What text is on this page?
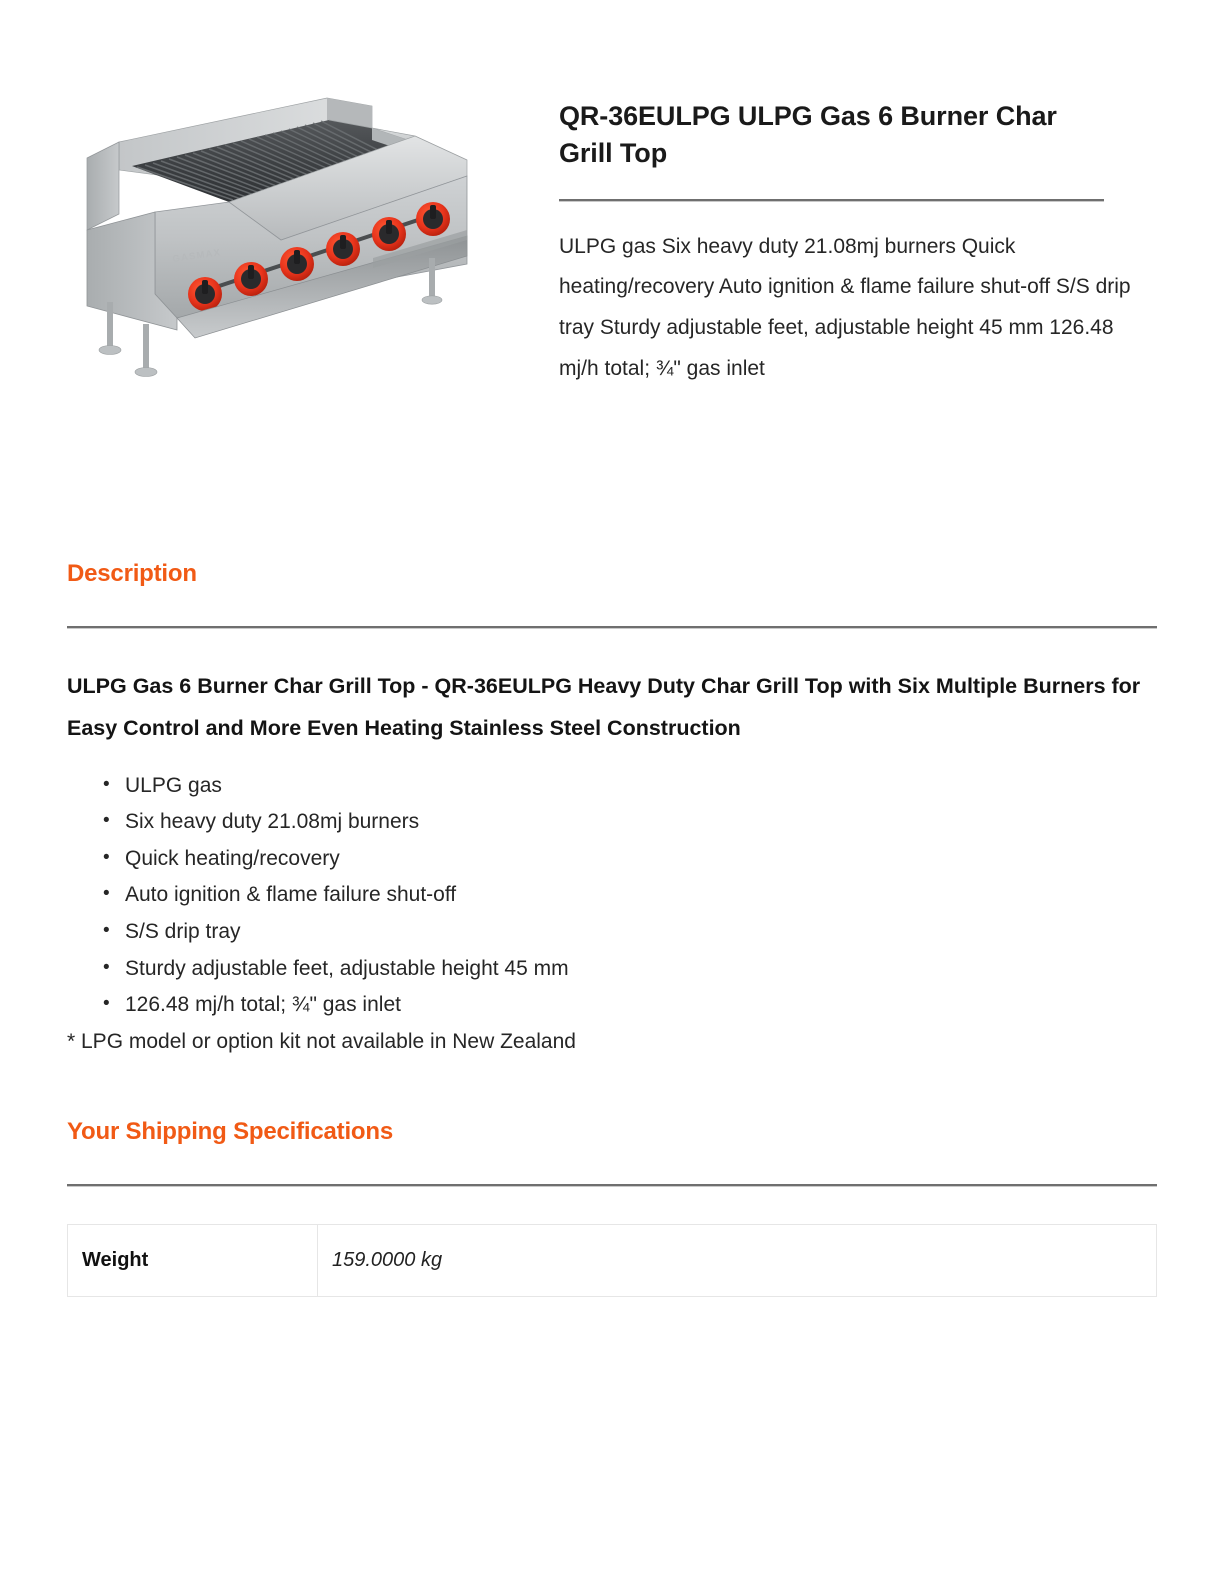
GASMAX
QR-36EULPG ULPG Gas 6 Burner Char Grill Top

ULPG gas Six heavy duty 21.08mj burners Quick heating/recovery Auto ignition & flame failure shut-off S/S drip tray Sturdy adjustable feet, adjustable height 45 mm 126.48 mj/h total; ¾" gas inlet

Description

ULPG Gas 6 Burner Char Grill Top - QR-36EULPG Heavy Duty Char Grill Top with Six Multiple Burners for Easy Control and More Even Heating Stainless Steel Construction

• ULPG gas
• Six heavy duty 21.08mj burners
• Quick heating/recovery
• Auto ignition & flame failure shut-off
• S/S drip tray
• Sturdy adjustable feet, adjustable height 45 mm
• 126.48 mj/h total; ¾" gas inlet

* LPG model or option kit not available in New Zealand

Your Shipping Specifications
Weight	159.0000 kg
